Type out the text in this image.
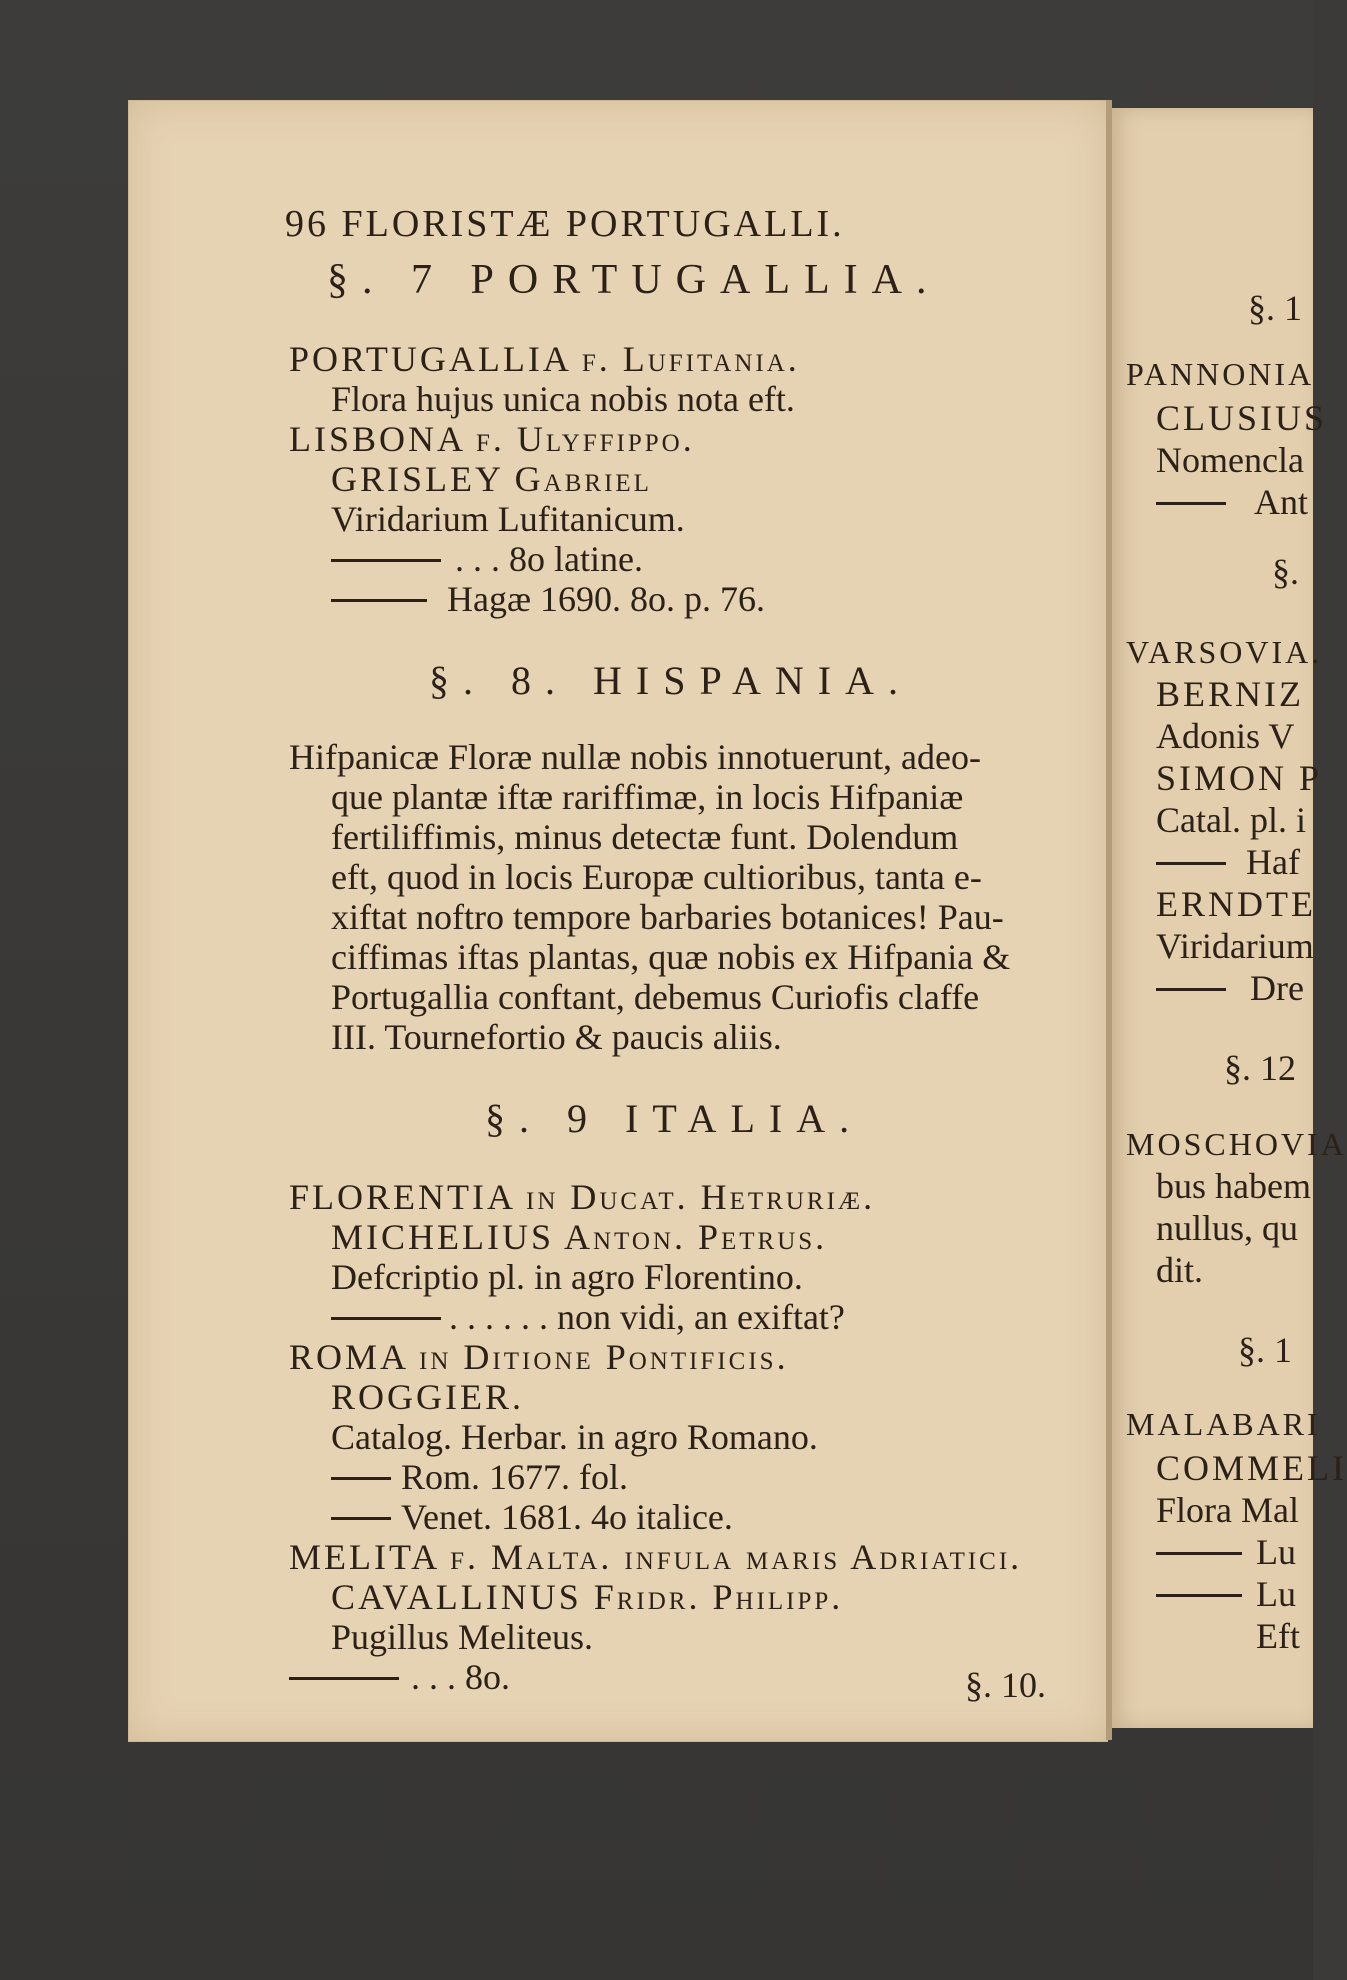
96 FLORISTÆ PORTUGALLI.
§. 7 PORTUGALLIA.
PORTUGALLIA f. Lufitania.
Flora hujus unica nobis nota eft.
LISBONA f. Ulyffippo.
GRISLEY Gabriel
Viridarium Lufitanicum.
. . . 8o latine.
Hagæ 1690. 8o. p. 76.
§. 8. HISPANIA.
Hifpanicæ Floræ nullæ nobis innotuerunt, adeo-
que plantæ iftæ rariffimæ, in locis Hifpaniæ
fertiliffimis, minus detectæ funt. Dolendum
eft, quod in locis Europæ cultioribus, tanta e-
xiftat noftro tempore barbaries botanices! Pau-
ciffimas iftas plantas, quæ nobis ex Hifpania &
Portugallia conftant, debemus Curiofis claffe
III. Tournefortio & paucis aliis.
§. 9 ITALIA.
FLORENTIA in Ducat. Hetruriæ.
MICHELIUS Anton. Petrus.
Defcriptio pl. in agro Florentino.
. . . . . . non vidi, an exiftat?
ROMA in Ditione Pontificis.
ROGGIER.
Catalog. Herbar. in agro Romano.
Rom. 1677. fol.
Venet. 1681. 4o italice.
MELITA f. Malta. infula maris Adriatici.
CAVALLINUS Fridr. Philipp.
Pugillus Meliteus.
. . . 8o.	§. 10.
§. 1
PANNONIA
CLUSIUS
Nomencla
Ant
§.
VARSOVIA.
BERNIZ
Adonis V
SIMON P
Catal. pl. i
Haf
ERNDTE
Viridarium
Dre
§. 12
MOSCHOVIA
bus habem
nullus, qu
dit.
§. 1
MALABARI
COMMELI
Flora Mal
Lu
Lu
Eft
